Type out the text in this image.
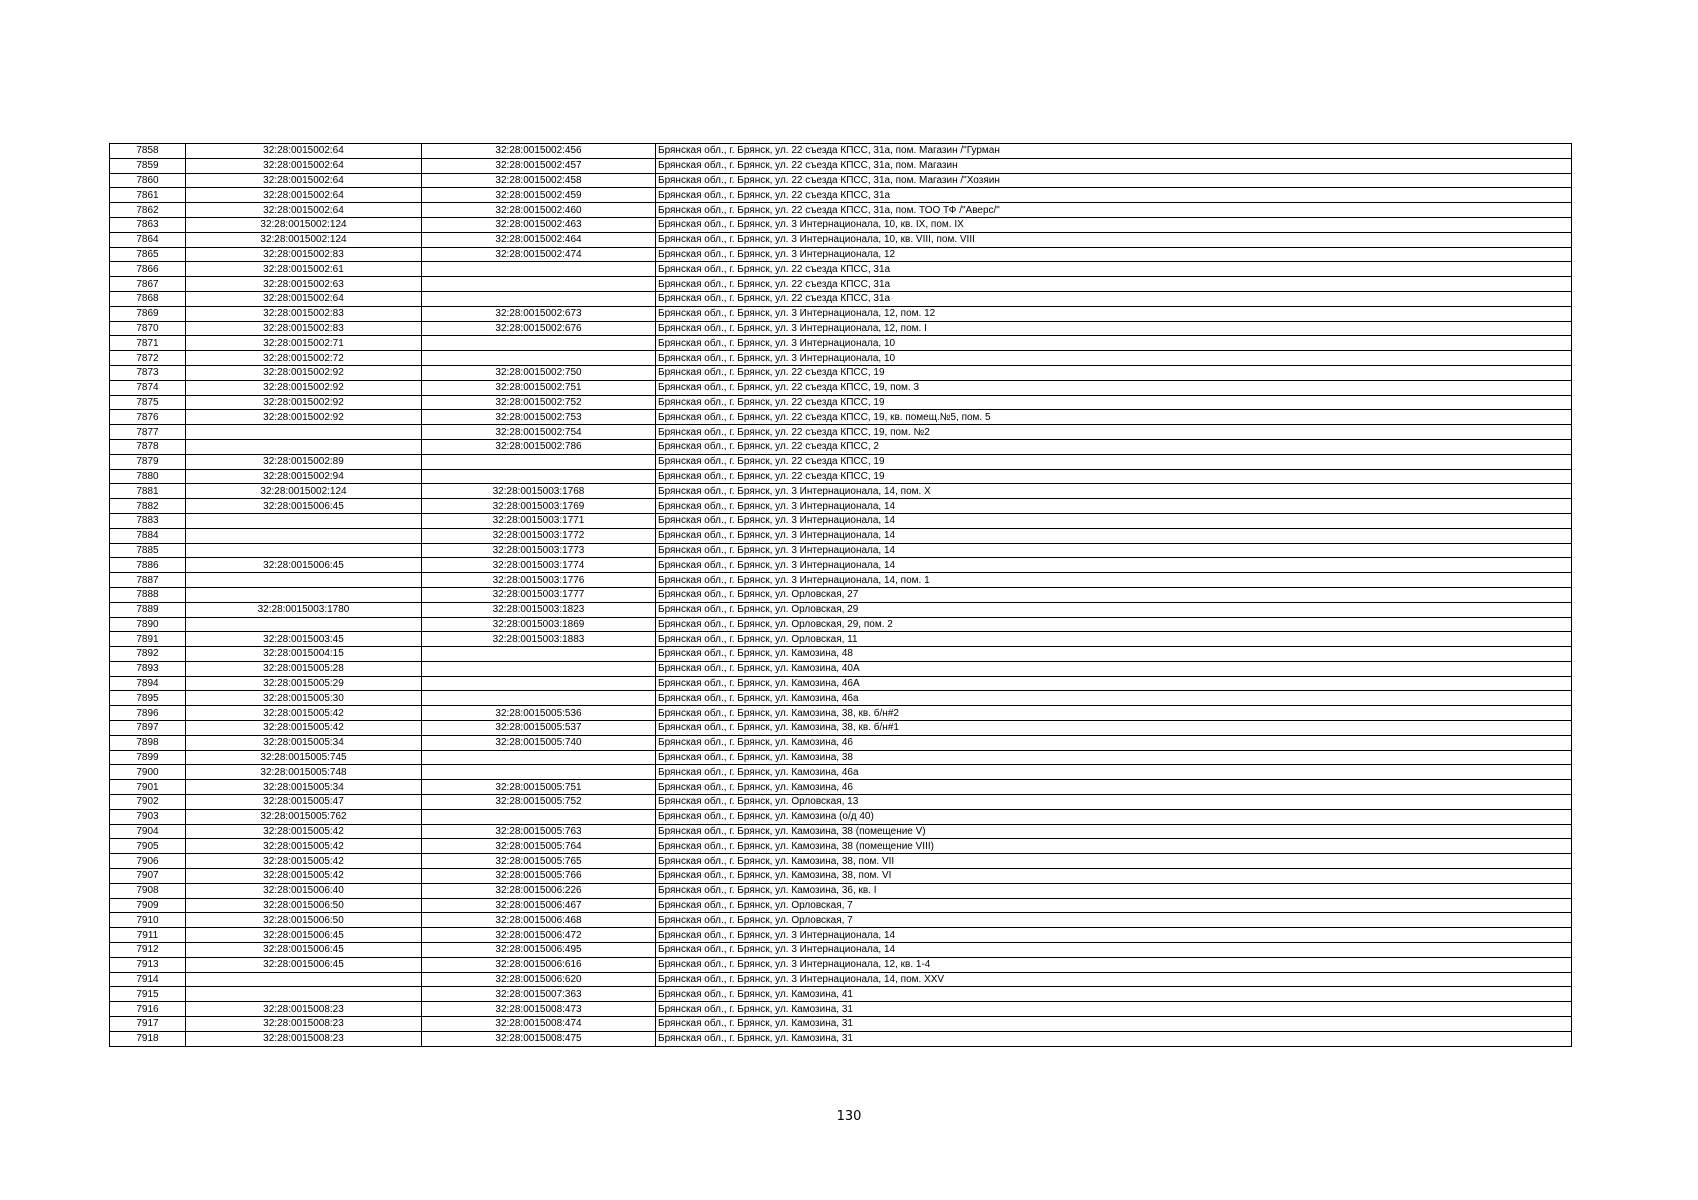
7858	32:28:0015002:64	32:28:0015002:456	Брянская обл., г. Брянск, ул. 22 съезда КПСС, 31а, пом. Магазин /"Гурман
7859	32:28:0015002:64	32:28:0015002:457	Брянская обл., г. Брянск, ул. 22 съезда КПСС, 31а, пом. Магазин
7860	32:28:0015002:64	32:28:0015002:458	Брянская обл., г. Брянск, ул. 22 съезда КПСС, 31а, пом. Магазин /"Хозяин
7861	32:28:0015002:64	32:28:0015002:459	Брянская обл., г. Брянск, ул. 22 съезда КПСС, 31а
7862	32:28:0015002:64	32:28:0015002:460	Брянская обл., г. Брянск, ул. 22 съезда КПСС, 31а, пом. ТОО ТФ /"Аверс/"
7863	32:28:0015002:124	32:28:0015002:463	Брянская обл., г. Брянск, ул. 3 Интернационала, 10, кв. IX, пом. IX
7864	32:28:0015002:124	32:28:0015002:464	Брянская обл., г. Брянск, ул. 3 Интернационала, 10, кв. VIII, пом. VIII
7865	32:28:0015002:83	32:28:0015002:474	Брянская обл., г. Брянск, ул. 3 Интернационала, 12
7866	32:28:0015002:61		Брянская обл., г. Брянск, ул. 22 съезда КПСС, 31а
7867	32:28:0015002:63		Брянская обл., г. Брянск, ул. 22 съезда КПСС, 31а
7868	32:28:0015002:64		Брянская обл., г. Брянск, ул. 22 съезда КПСС, 31а
7869	32:28:0015002:83	32:28:0015002:673	Брянская обл., г. Брянск, ул. 3 Интернационала, 12, пом. 12
7870	32:28:0015002:83	32:28:0015002:676	Брянская обл., г. Брянск, ул. 3 Интернационала, 12, пом. I
7871	32:28:0015002:71		Брянская обл., г. Брянск, ул. 3 Интернационала, 10
7872	32:28:0015002:72		Брянская обл., г. Брянск, ул. 3 Интернационала, 10
7873	32:28:0015002:92	32:28:0015002:750	Брянская обл., г. Брянск, ул. 22 съезда КПСС, 19
7874	32:28:0015002:92	32:28:0015002:751	Брянская обл., г. Брянск, ул. 22 съезда КПСС, 19, пом. 3
7875	32:28:0015002:92	32:28:0015002:752	Брянская обл., г. Брянск, ул. 22 съезда КПСС, 19
7876	32:28:0015002:92	32:28:0015002:753	Брянская обл., г. Брянск, ул. 22 съезда КПСС, 19, кв. помещ.№5, пом. 5
7877		32:28:0015002:754	Брянская обл., г. Брянск, ул. 22 съезда КПСС, 19, пом. №2
7878		32:28:0015002:786	Брянская обл., г. Брянск, ул. 22 съезда КПСС, 2
7879	32:28:0015002:89		Брянская обл., г. Брянск, ул. 22 съезда КПСС, 19
7880	32:28:0015002:94		Брянская обл., г. Брянск, ул. 22 съезда КПСС, 19
7881	32:28:0015002:124	32:28:0015003:1768	Брянская обл., г. Брянск, ул. 3 Интернационала, 14, пом. X
7882	32:28:0015006:45	32:28:0015003:1769	Брянская обл., г. Брянск, ул. 3 Интернационала, 14
7883		32:28:0015003:1771	Брянская обл., г. Брянск, ул. 3 Интернационала, 14
7884		32:28:0015003:1772	Брянская обл., г. Брянск, ул. 3 Интернационала, 14
7885		32:28:0015003:1773	Брянская обл., г. Брянск, ул. 3 Интернационала, 14
7886	32:28:0015006:45	32:28:0015003:1774	Брянская обл., г. Брянск, ул. 3 Интернационала, 14
7887		32:28:0015003:1776	Брянская обл., г. Брянск, ул. 3 Интернационала, 14, пом. 1
7888		32:28:0015003:1777	Брянская обл., г. Брянск, ул. Орловская, 27
7889	32:28:0015003:1780	32:28:0015003:1823	Брянская обл., г. Брянск, ул. Орловская, 29
7890		32:28:0015003:1869	Брянская обл., г. Брянск, ул. Орловская, 29, пом. 2
7891	32:28:0015003:45	32:28:0015003:1883	Брянская обл., г. Брянск, ул. Орловская, 11
7892	32:28:0015004:15		Брянская обл., г. Брянск, ул. Камозина, 48
7893	32:28:0015005:28		Брянская обл., г. Брянск, ул. Камозина, 40А
7894	32:28:0015005:29		Брянская обл., г. Брянск, ул. Камозина, 46А
7895	32:28:0015005:30		Брянская обл., г. Брянск, ул. Камозина, 46а
7896	32:28:0015005:42	32:28:0015005:536	Брянская обл., г. Брянск, ул. Камозина, 38, кв. б/н#2
7897	32:28:0015005:42	32:28:0015005:537	Брянская обл., г. Брянск, ул. Камозина, 38, кв. б/н#1
7898	32:28:0015005:34	32:28:0015005:740	Брянская обл., г. Брянск, ул. Камозина, 46
7899	32:28:0015005:745		Брянская обл., г. Брянск, ул. Камозина, 38
7900	32:28:0015005:748		Брянская обл., г. Брянск, ул. Камозина, 46а
7901	32:28:0015005:34	32:28:0015005:751	Брянская обл., г. Брянск, ул. Камозина, 46
7902	32:28:0015005:47	32:28:0015005:752	Брянская обл., г. Брянск, ул. Орловская, 13
7903	32:28:0015005:762		Брянская обл., г. Брянск, ул. Камозина (о/д 40)
7904	32:28:0015005:42	32:28:0015005:763	Брянская обл., г. Брянск, ул. Камозина, 38 (помещение V)
7905	32:28:0015005:42	32:28:0015005:764	Брянская обл., г. Брянск, ул. Камозина, 38 (помещение VIII)
7906	32:28:0015005:42	32:28:0015005:765	Брянская обл., г. Брянск, ул. Камозина, 38, пом. VII
7907	32:28:0015005:42	32:28:0015005:766	Брянская обл., г. Брянск, ул. Камозина, 38, пом. VI
7908	32:28:0015006:40	32:28:0015006:226	Брянская обл., г. Брянск, ул. Камозина, 36, кв. I
7909	32:28:0015006:50	32:28:0015006:467	Брянская обл., г. Брянск, ул. Орловская, 7
7910	32:28:0015006:50	32:28:0015006:468	Брянская обл., г. Брянск, ул. Орловская, 7
7911	32:28:0015006:45	32:28:0015006:472	Брянская обл., г. Брянск, ул. 3 Интернационала, 14
7912	32:28:0015006:45	32:28:0015006:495	Брянская обл., г. Брянск, ул. 3 Интернационала, 14
7913	32:28:0015006:45	32:28:0015006:616	Брянская обл., г. Брянск, ул. 3 Интернационала, 12, кв. 1-4
7914		32:28:0015006:620	Брянская обл., г. Брянск, ул. 3 Интернационала, 14, пом. XXV
7915		32:28:0015007:363	Брянская обл., г. Брянск, ул. Камозина, 41
7916	32:28:0015008:23	32:28:0015008:473	Брянская обл., г. Брянск, ул. Камозина, 31
7917	32:28:0015008:23	32:28:0015008:474	Брянская обл., г. Брянск, ул. Камозина, 31
7918	32:28:0015008:23	32:28:0015008:475	Брянская обл., г. Брянск, ул. Камозина, 31
130
